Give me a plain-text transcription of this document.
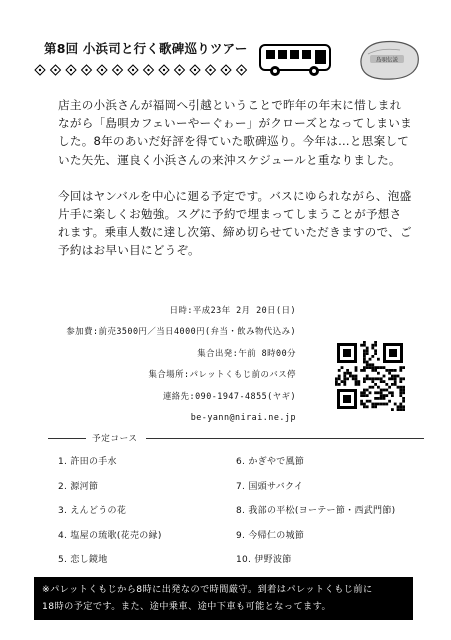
第8回 小浜司と行く歌碑巡りツアー
島唄伝説

店主の小浜さんが福岡へ引越ということで昨年の年末に惜しまれながら「島唄カフェいーやーぐゎー」がクローズとなってしまいました。8年のあいだ好評を得ていた歌碑巡り。今年は…と思案していた矢先、運良く小浜さんの来沖スケジュールと重なりました。

今回はヤンバルを中心に廻る予定です。バスにゆられながら、泡盛片手に楽しくお勉強。スグに予約で埋まってしまうことが予想されます。乗車人数に達し次第、締め切らせていただきますので、ご予約はお早い目にどうぞ。

日時:平成23年 2月 20日(日)
参加費:前売3500円／当日4000円(弁当・飲み物代込み)
集合出発:午前 8時00分
集合場所:パレットくもじ前のバス停
連絡先:090-1947-4855(ヤギ)
be-yann@nirai.ne.jp
予定コース
1. 許田の手水	6. かぎやで風節
2. 源河節	7. 国頭サバクイ
3. えんどうの花	8. 我部の平松(ヨーテー節・西武門節)
4. 塩屋の琉歌(花売の縁)	9. 今帰仁の城節
5. 恋し鏡地	10. 伊野波節
※パレットくもじから8時に出発なので時間厳守。到着はパレットくもじ前に
18時の予定です。また、途中乗車、途中下車も可能となってます。
